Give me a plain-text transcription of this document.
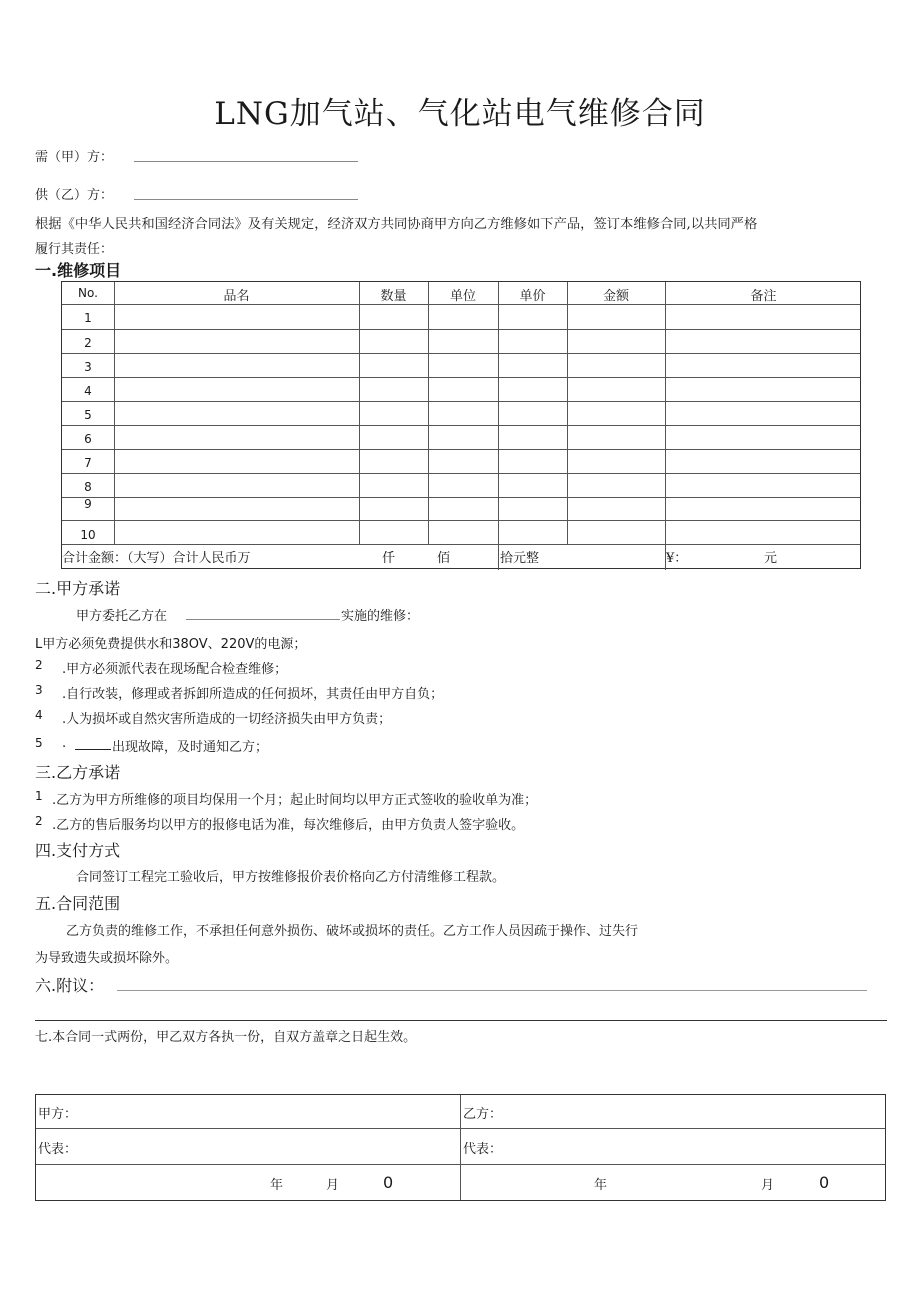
LNG加气站、气化站电气维修合同
需（甲）方：
供（乙）方：
根据《中华人民共和国经济合同法》及有关规定，经济双方共同协商甲方向乙方维修如下产品，签订本维修合同,以共同严格
履行其责任：
一.维修项目
No.	品名	数量	单位	单价	金额	备注
1
2
3
4
5
6
7
8
9
10
合计金额：（大写）合计人民币万	仟	佰	拾元整	¥：	元
二.甲方承诺
甲方委托乙方在	实施的维修：
L甲方必须免费提供水和38OV、220V的电源；
2 .甲方必须派代表在现场配合检查维修；
3 .自行改装，修理或者拆卸所造成的任何损坏，其责任由甲方自负；
4 .人为损坏或自然灾害所造成的一切经济损失由甲方负责；
5 .	出现故障，及时通知乙方；
三.乙方承诺
1 .乙方为甲方所维修的项目均保用一个月；起止时间均以甲方正式签收的验收单为准；
2 .乙方的售后服务均以甲方的报修电话为准，每次维修后，由甲方负责人签字验收。
四.支付方式
合同签订工程完工验收后，甲方按维修报价表价格向乙方付清维修工程款。
五.合同范围
乙方负责的维修工作，不承担任何意外损伤、破坏或损坏的责任。乙方工作人员因疏于操作、过失行
为导致遗失或损坏除外。
六.附议：
七.本合同一式两份，甲乙双方各执一份，自双方盖章之日起生效。
甲方：	乙方：
代表：	代表：
年	月	0	年	月	0
